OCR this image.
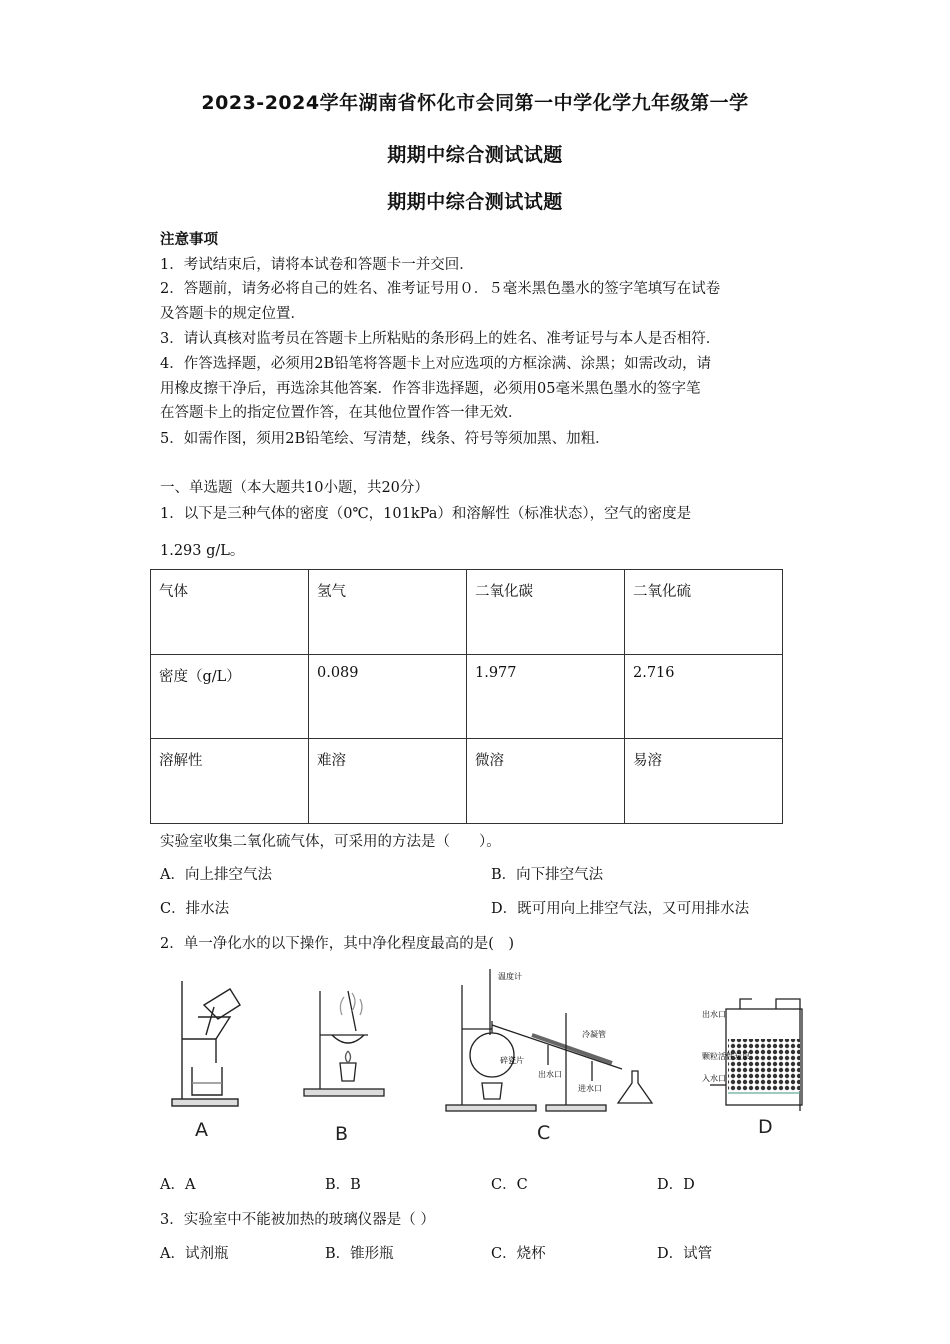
2023-2024学年湖南省怀化市会同第一中学化学九年级第一学
期期中综合测试试题
期期中综合测试试题
注意事项
1．考试结束后，请将本试卷和答题卡一并交回．
2．答题前，请务必将自己的姓名、准考证号用０．５毫米黑色墨水的签字笔填写在试卷
及答题卡的规定位置．
3．请认真核对监考员在答题卡上所粘贴的条形码上的姓名、准考证号与本人是否相符．
4．作答选择题，必须用2B铅笔将答题卡上对应选项的方框涂满、涂黑；如需改动，请
用橡皮擦干净后，再选涂其他答案．作答非选择题，必须用05毫米黑色墨水的签字笔
在答题卡上的指定位置作答，在其他位置作答一律无效．
5．如需作图，须用2B铅笔绘、写清楚，线条、符号等须加黑、加粗．
一、单选题（本大题共10小题，共20分）
1．以下是三种气体的密度（0℃，101kPa）和溶解性（标准状态），空气的密度是
1.293 g/L。
气体	氢气	二氧化碳	二氧化硫
密度（g/L）	0.089	1.977	2.716
溶解性	难溶	微溶	易溶
实验室收集二氧化硫气体，可采用的方法是（　　）。
A．向上排空气法	B．向下排空气法
C．排水法	D．既可用向上排空气法，又可用排水法
2．单一净化水的以下操作，其中净化程度最高的是(　)
A	B
温度计
冷凝管
碎瓷片
出水口
进水口
C
出水口
颗粒活性炭层
入水口
D
A．A	B．B	C．C	D．D
3．实验室中不能被加热的玻璃仪器是（ ）
A．试剂瓶	B．锥形瓶	C．烧杯	D．试管
